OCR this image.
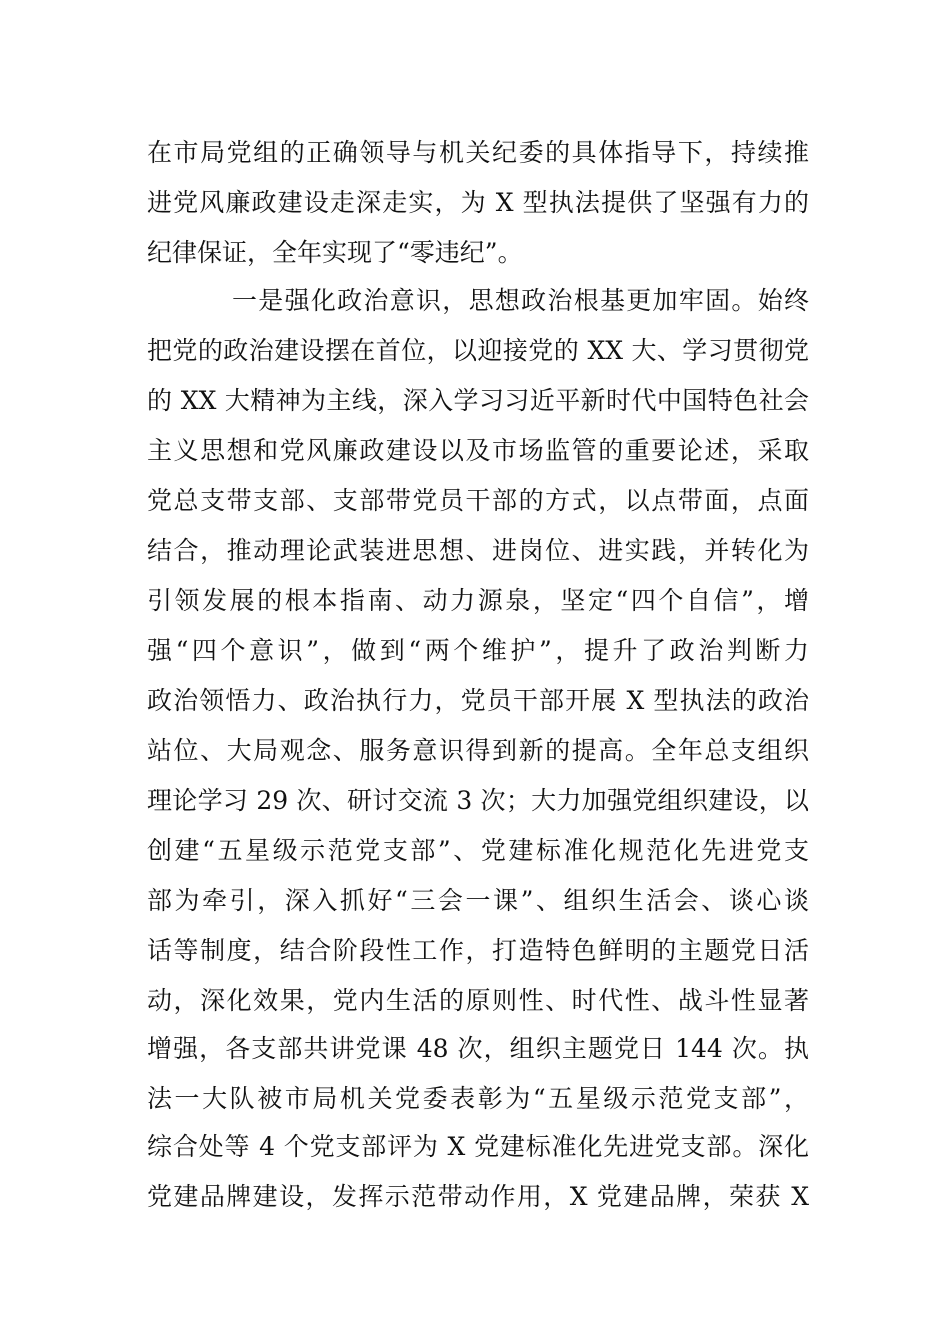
在市局党组的正确领导与机关纪委的具体指导下，持续推
进党风廉政建设走深走实，为 X 型执法提供了坚强有力的
纪律保证，全年实现了“零违纪”。
一是强化政治意识，思想政治根基更加牢固。始终
把党的政治建设摆在首位，以迎接党的 XX 大、学习贯彻党
的 XX 大精神为主线，深入学习习近平新时代中国特色社会
主义思想和党风廉政建设以及市场监管的重要论述，采取
党总支带支部、支部带党员干部的方式，以点带面，点面
结合，推动理论武装进思想、进岗位、进实践，并转化为
引领发展的根本指南、动力源泉，坚定“四个自信”，增
强“四个意识”，做到“两个维护”，提升了政治判断力
政治领悟力、政治执行力，党员干部开展 X 型执法的政治
站位、大局观念、服务意识得到新的提高。全年总支组织
理论学习 29 次、研讨交流 3 次；大力加强党组织建设，以
创建“五星级示范党支部”、党建标准化规范化先进党支
部为牵引，深入抓好“三会一课”、组织生活会、谈心谈
话等制度，结合阶段性工作，打造特色鲜明的主题党日活
动，深化效果，党内生活的原则性、时代性、战斗性显著
增强，各支部共讲党课 48 次，组织主题党日 144 次。执
法一大队被市局机关党委表彰为“五星级示范党支部”，
综合处等 4 个党支部评为 X 党建标准化先进党支部。深化
党建品牌建设，发挥示范带动作用，X 党建品牌，荣获 X
